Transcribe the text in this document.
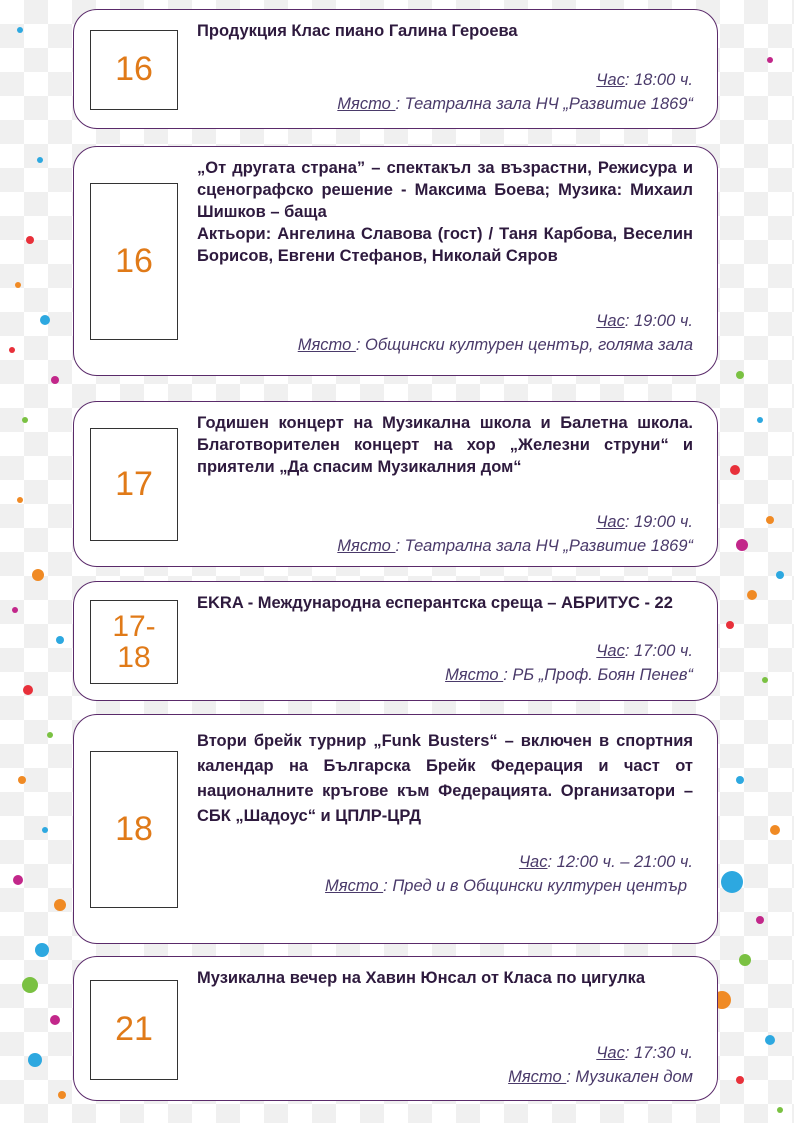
16

Продукция Клас пиано Галина Героева

Час: 18:00 ч.
Място : Театрална зала НЧ „Развитие 1869“
16

„От другата страна” – спектакъл за възрастни, Режисура и сценографско решение - Максима Боева; Музика: Михаил Шишков – баща

Актьори: Ангелина Славова (гост) / Таня Карбова, Веселин Борисов, Евгени Стефанов, Николай Сяров

Час: 19:00 ч.
Място : Общински културен център, голяма зала
17

Годишен концерт на Музикална школа и Балетна школа. Благотворителен концерт на хор „Железни струни“ и приятели „Да спасим Музикалния дом“

Час: 19:00 ч.
Място : Театрална зала НЧ „Развитие 1869“
17-
18

EKRA - Международна есперантска среща – АБРИТУС - 22

Час: 17:00 ч.
Място : РБ „Проф. Боян Пенев“
18

Втори брейк турнир „Funk Busters“ – включен в спортния календар на Българска Брейк Федерация и част от националните кръгове към Федерацията. Организатори – СБК „Шадоус“ и ЦПЛР-ЦРД

Час: 12:00 ч. – 21:00 ч.
Място : Пред и в Общински културен център
21

Музикална вечер на Хавин Юнсал от Класа по цигулка

Час: 17:30 ч.
Място : Музикален дом
